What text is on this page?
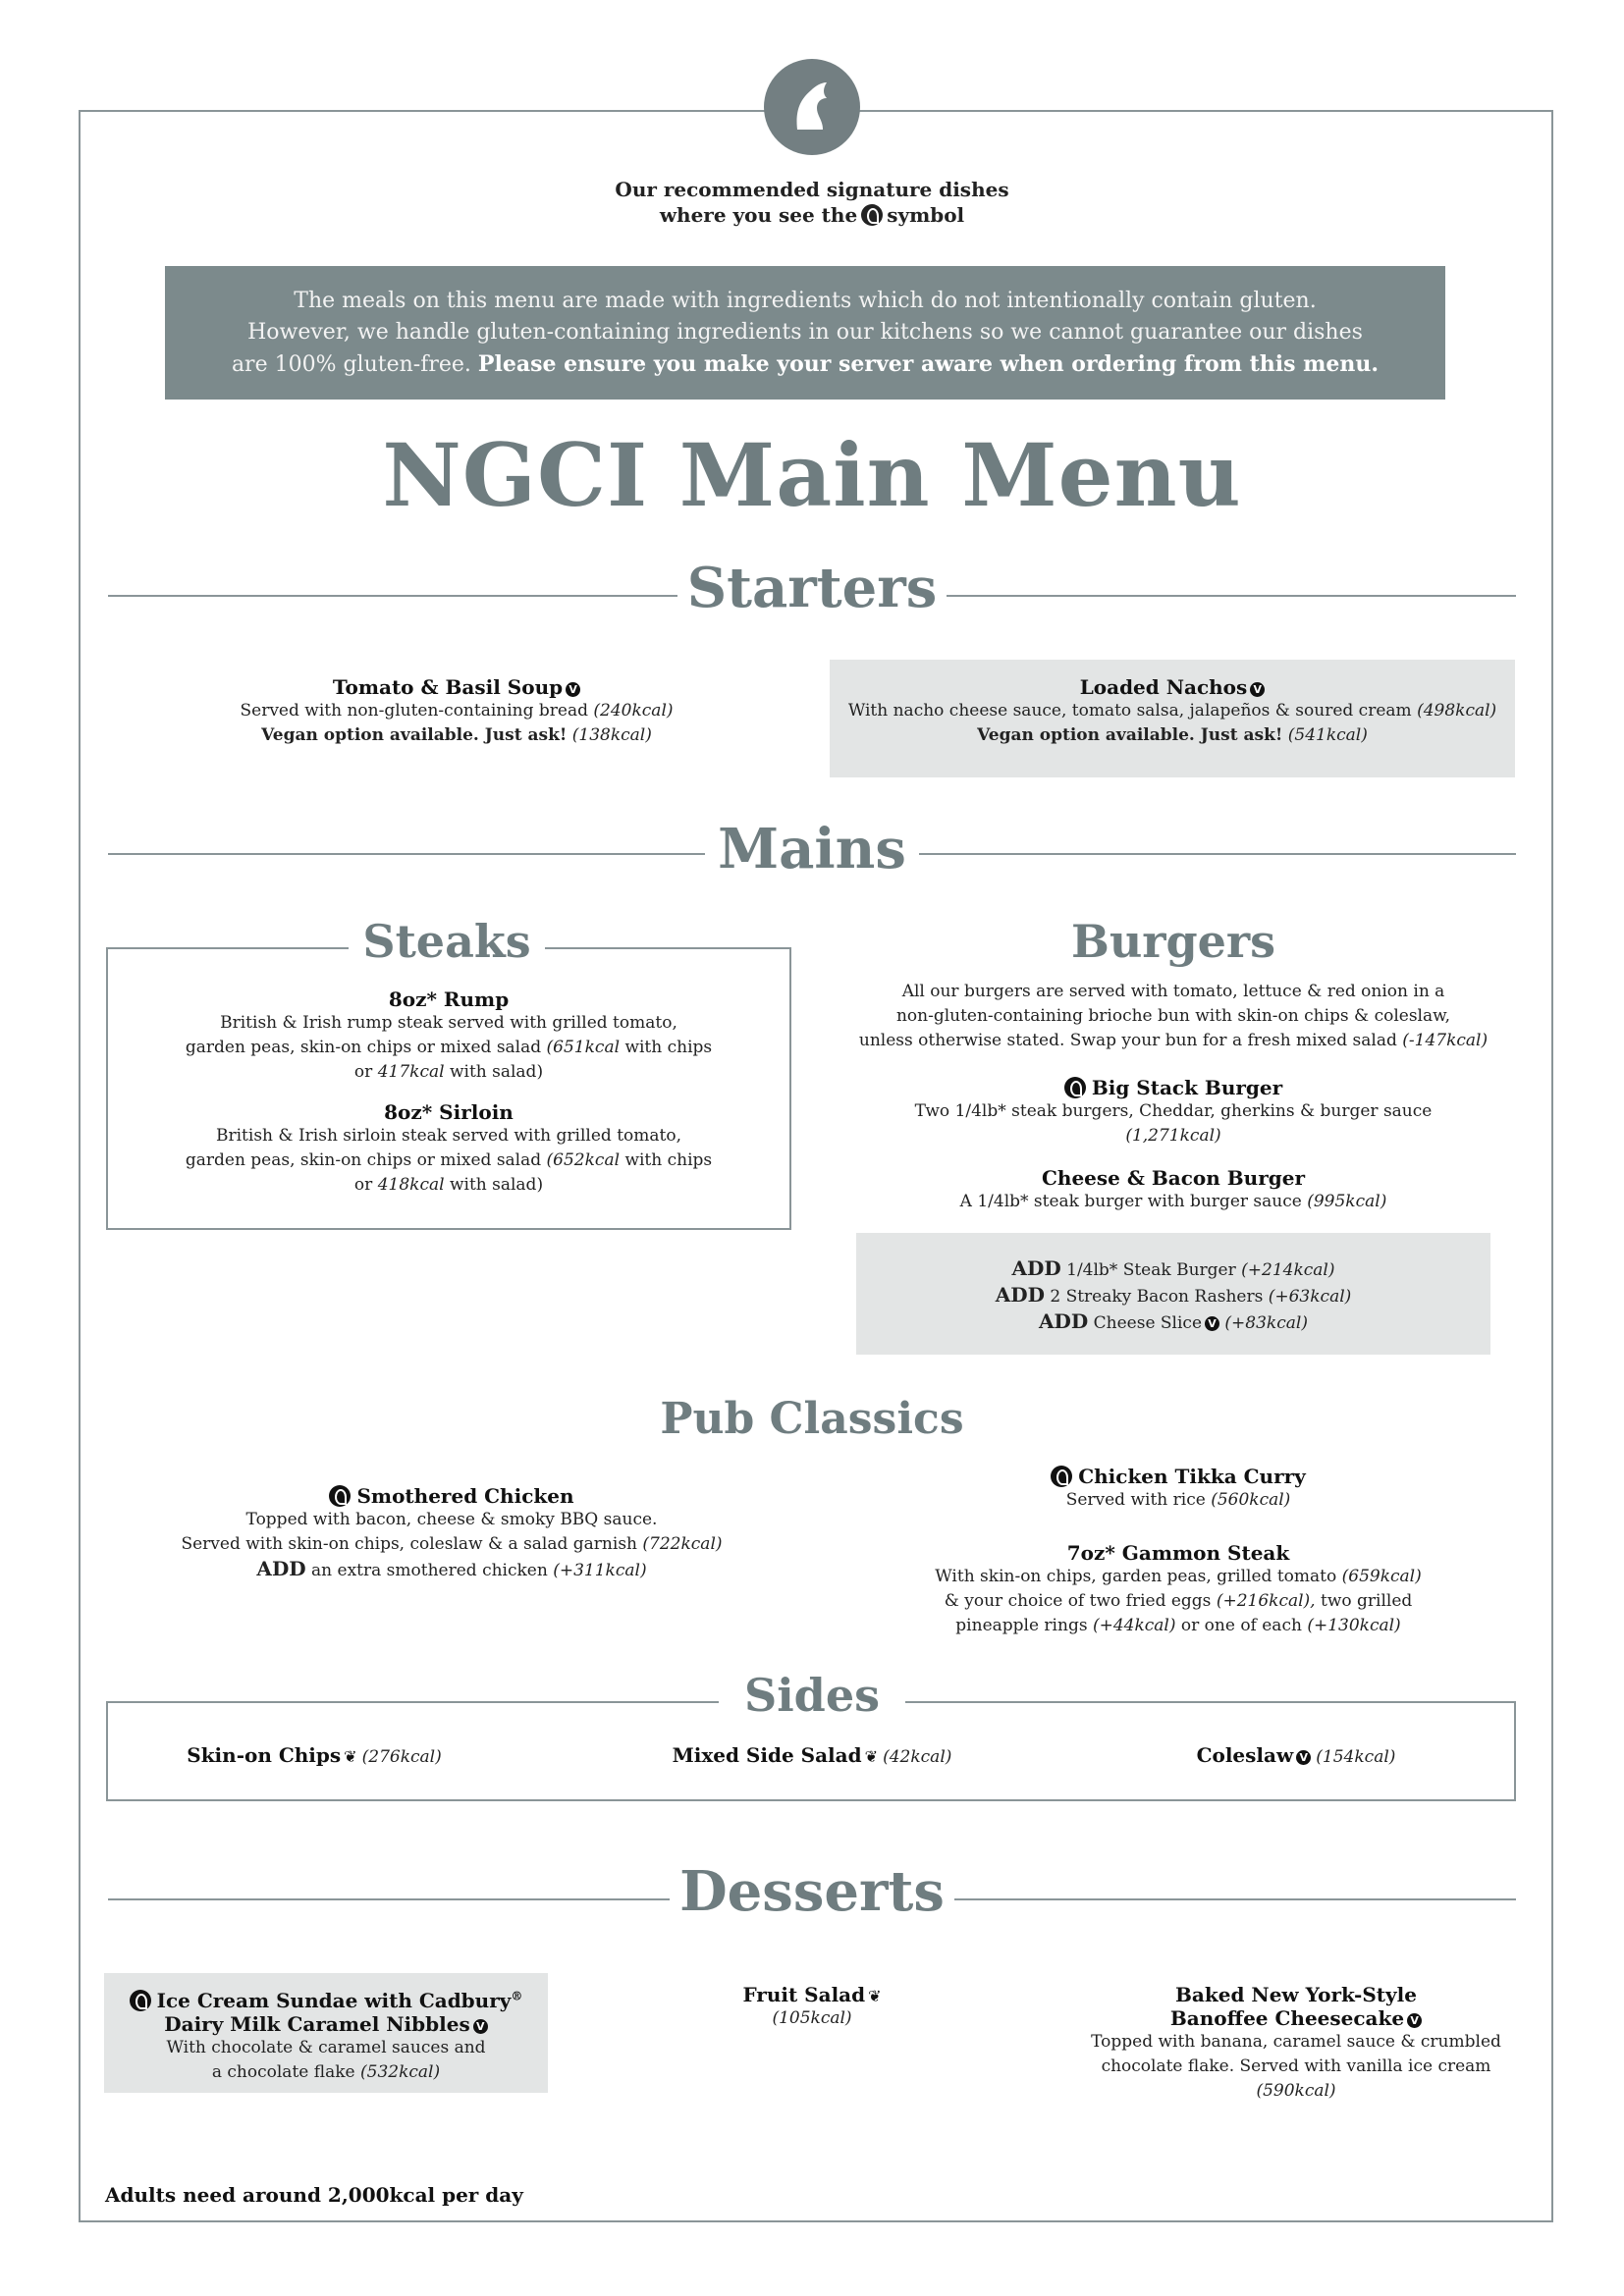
Our recommended signature dishes
where you see the symbol
The meals on this menu are made with ingredients which do not intentionally contain gluten.
However, we handle gluten-containing ingredients in our kitchens so we cannot guarantee our dishes
are 100% gluten-free. Please ensure you make your server aware when ordering from this menu.
NGCI Main Menu
Starters
Tomato & Basil Soup V
Served with non-gluten-containing bread (240kcal)
Vegan option available. Just ask! (138kcal)
Loaded Nachos V
With nacho cheese sauce, tomato salsa, jalapeños & soured cream (498kcal)
Vegan option available. Just ask! (541kcal)
Mains
Steaks
8oz* Rump
British & Irish rump steak served with grilled tomato,
garden peas, skin-on chips or mixed salad (651kcal with chips
or 417kcal with salad)
8oz* Sirloin
British & Irish sirloin steak served with grilled tomato,
garden peas, skin-on chips or mixed salad (652kcal with chips
or 418kcal with salad)
Burgers
All our burgers are served with tomato, lettuce & red onion in a
non-gluten-containing brioche bun with skin-on chips & coleslaw,
unless otherwise stated. Swap your bun for a fresh mixed salad (-147kcal)
Big Stack Burger
Two 1/4lb* steak burgers, Cheddar, gherkins & burger sauce
(1,271kcal)
Cheese & Bacon Burger
A 1/4lb* steak burger with burger sauce (995kcal)
ADD 1/4lb* Steak Burger (+214kcal)
ADD 2 Streaky Bacon Rashers (+63kcal)
ADD Cheese Slice V (+83kcal)
Pub Classics
Smothered Chicken
Topped with bacon, cheese & smoky BBQ sauce.
Served with skin-on chips, coleslaw & a salad garnish (722kcal)
ADD an extra smothered chicken (+311kcal)
Chicken Tikka Curry
Served with rice (560kcal)
7oz* Gammon Steak
With skin-on chips, garden peas, grilled tomato (659kcal)
& your choice of two fried eggs (+216kcal), two grilled
pineapple rings (+44kcal) or one of each (+130kcal)
Sides
Skin-on Chips ❦ (276kcal)	Mixed Side Salad ❦ (42kcal)	Coleslaw V (154kcal)
Desserts
Ice Cream Sundae with Cadbury®
Dairy Milk Caramel Nibbles V
With chocolate & caramel sauces and
a chocolate flake (532kcal)
Fruit Salad ❦
(105kcal)
Baked New York-Style
Banoffee Cheesecake V
Topped with banana, caramel sauce & crumbled
chocolate flake. Served with vanilla ice cream
(590kcal)
Adults need around 2,000kcal per day
